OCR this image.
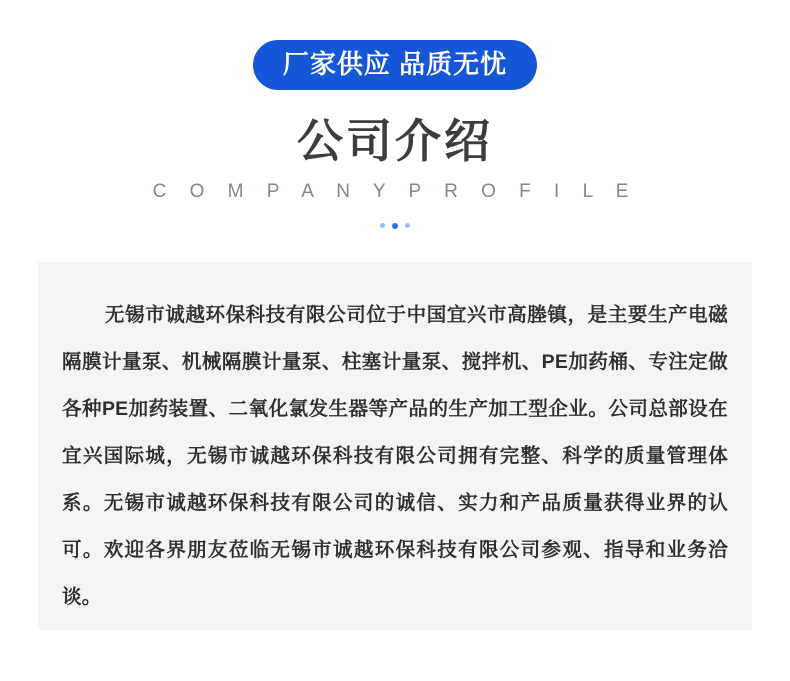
厂家供应 品质无忧
公司介绍
C O M P A N Y P R O F I L E

无锡市诚越环保科技有限公司位于中国宜兴市高塍镇，是主要生产电磁隔膜计量泵、机械隔膜计量泵、柱塞计量泵、搅拌机、PE加药桶、专注定做各种PE加药装置、二氧化氯发生器等产品的生产加工型企业。公司总部设在宜兴国际城，无锡市诚越环保科技有限公司拥有完整、科学的质量管理体系。无锡市诚越环保科技有限公司的诚信、实力和产品质量获得业界的认可。欢迎各界朋友莅临无锡市诚越环保科技有限公司参观、指导和业务洽谈。
